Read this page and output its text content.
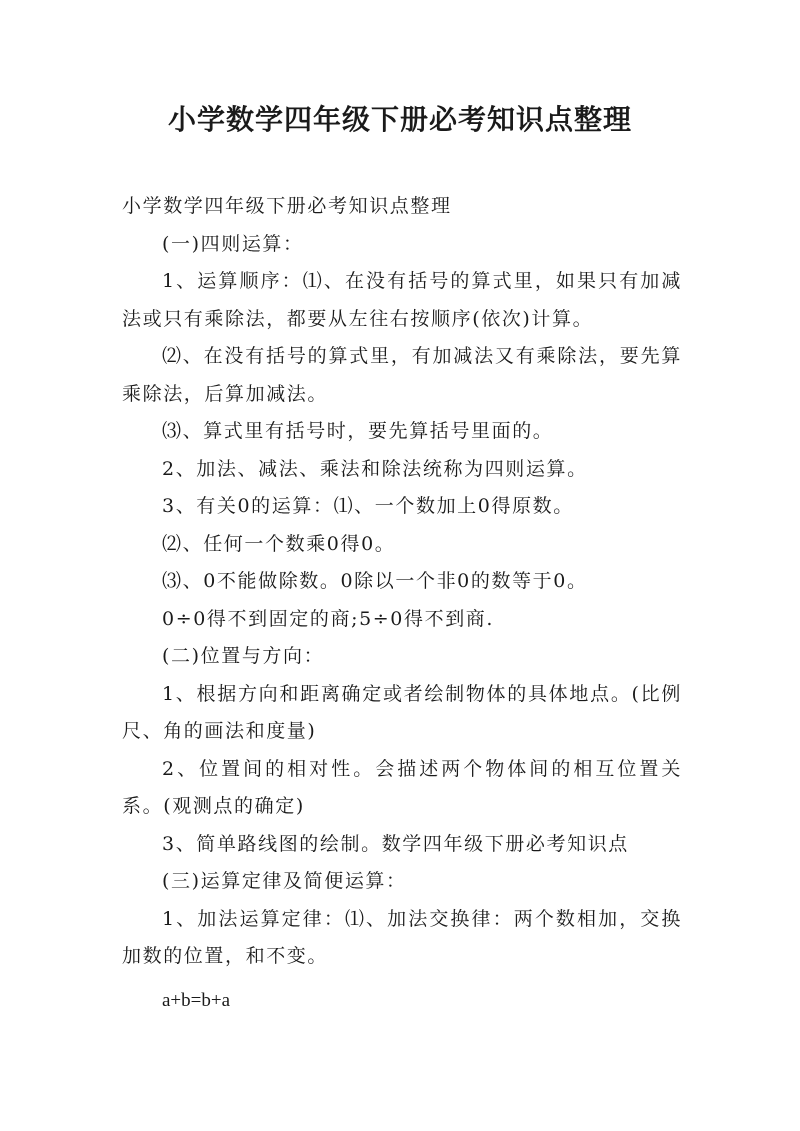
小学数学四年级下册必考知识点整理

小学数学四年级下册必考知识点整理

(一)四则运算：

1、运算顺序：⑴、在没有括号的算式里，如果只有加减法或只有乘除法，都要从左往右按顺序(依次)计算。

⑵、在没有括号的算式里，有加减法又有乘除法，要先算乘除法，后算加减法。

⑶、算式里有括号时，要先算括号里面的。

2、加法、减法、乘法和除法统称为四则运算。

3、有关0的运算：⑴、一个数加上0得原数。

⑵、任何一个数乘0得0。

⑶、0不能做除数。0除以一个非0的数等于0。

0÷0得不到固定的商;5÷0得不到商.

(二)位置与方向：

1、根据方向和距离确定或者绘制物体的具体地点。(比例尺、角的画法和度量)

2、位置间的相对性。会描述两个物体间的相互位置关系。(观测点的确定)

3、简单路线图的绘制。数学四年级下册必考知识点

(三)运算定律及简便运算：

1、加法运算定律：⑴、加法交换律：两个数相加，交换加数的位置，和不变。

a+b=b+a
